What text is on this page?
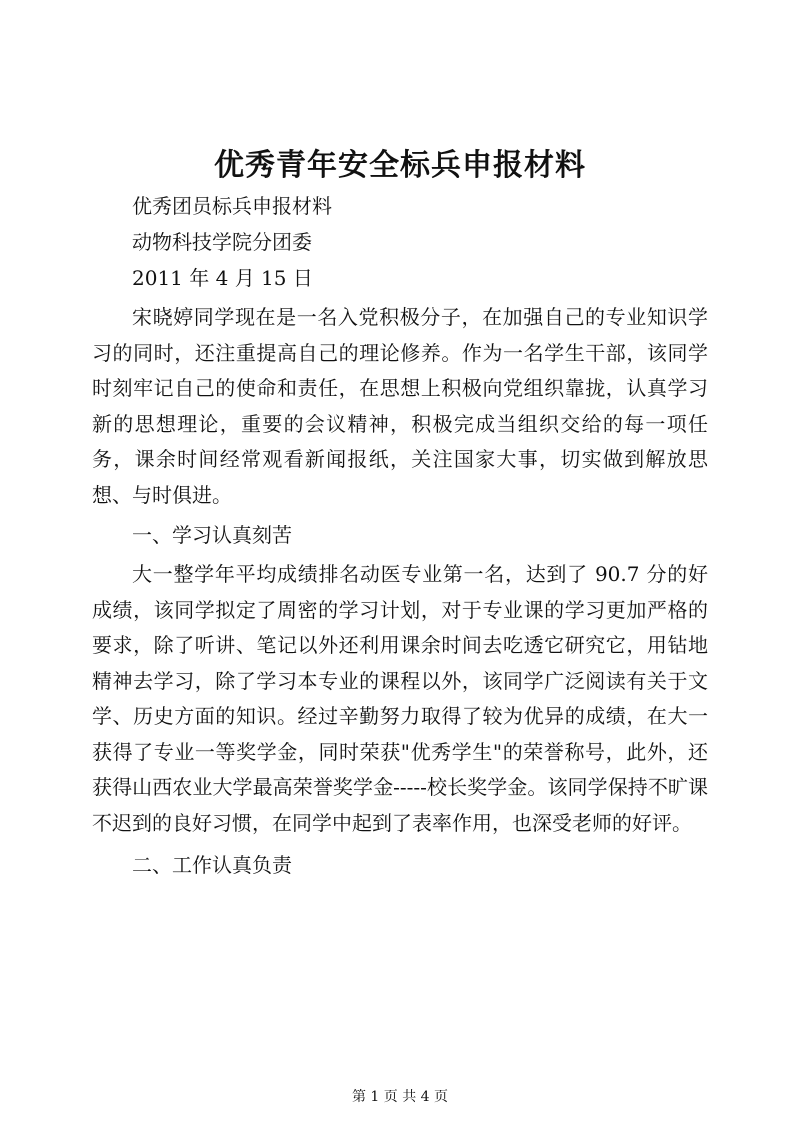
优秀青年安全标兵申报材料
优秀团员标兵申报材料
动物科技学院分团委
2011 年 4 月 15 日
宋晓婷同学现在是一名入党积极分子，在加强自己的专业知识学习的同时，还注重提高自己的理论修养。作为一名学生干部，该同学时刻牢记自己的使命和责任，在思想上积极向党组织靠拢，认真学习新的思想理论，重要的会议精神，积极完成当组织交给的每一项任务，课余时间经常观看新闻报纸，关注国家大事，切实做到解放思想、与时俱进。
一、学习认真刻苦
大一整学年平均成绩排名动医专业第一名，达到了 90.7 分的好成绩，该同学拟定了周密的学习计划，对于专业课的学习更加严格的要求，除了听讲、笔记以外还利用课余时间去吃透它研究它，用钻地精神去学习，除了学习本专业的课程以外，该同学广泛阅读有关于文学、历史方面的知识。经过辛勤努力取得了较为优异的成绩，在大一获得了专业一等奖学金，同时荣获"优秀学生"的荣誉称号，此外，还获得山西农业大学最高荣誉奖学金-----校长奖学金。该同学保持不旷课不迟到的良好习惯，在同学中起到了表率作用，也深受老师的好评。
二、工作认真负责
第 1 页 共 4 页
